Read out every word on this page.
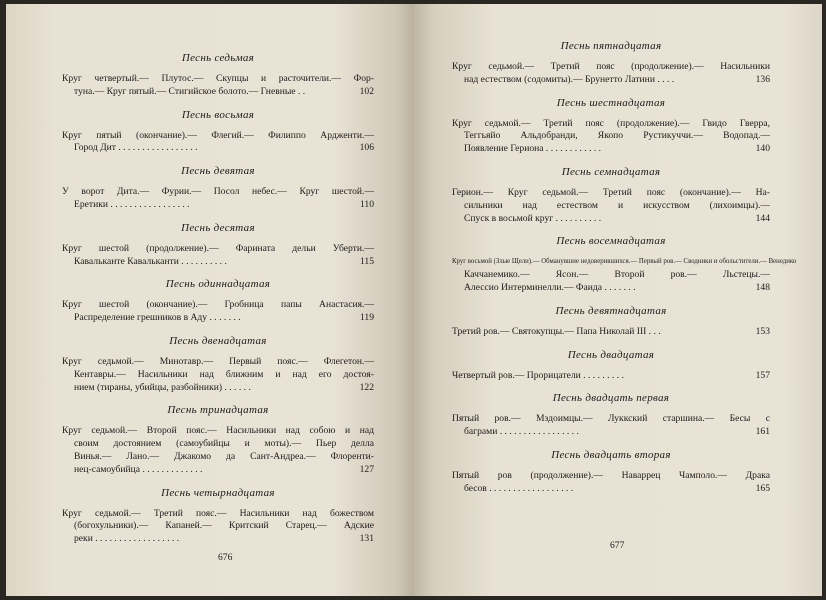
Песнь седьмая
Круг четвертый.— Плутос.— Скупцы и расточители.— Фор-
туна.— Круг пятый.— Стигийское болото.— Гневные . .	102
Песнь восьмая
Круг пятый (окончание).— Флегий.— Филиппо Ардженти.—
Город Дит . . . . . . . . . . . . . . . . .	106
Песнь девятая
У ворот Дита.— Фурии.— Посол небес.— Круг шестой.—
Еретики . . . . . . . . . . . . . . . . .	110
Песнь десятая
Круг шестой (продолжение).— Фарината дельи Уберти.—
Кавальканте Кавальканти . . . . . . . . . .	115
Песнь одиннадцатая
Круг шестой (окончание).— Гробница папы Анастасия.—
Распределение грешников в Аду . . . . . . .	119
Песнь двенадцатая
Круг седьмой.— Минотавр.— Первый пояс.— Флегетон.—
Кентавры.— Насильники над ближним и над его достоя-
нием (тираны, убийцы, разбойники) . . . . . .	122
Песнь тринадцатая
Круг седьмой.— Второй пояс.— Насильники над собою и над
своим достоянием (самоубийцы и моты).— Пьер делла
Винья.— Лано.— Джакомо да Сант-Андреа.— Флоренти-
нец-самоубийца . . . . . . . . . . . . .	127
Песнь четырнадцатая
Круг седьмой.— Третий пояс.— Насильники над божеством
(богохульники).— Капаней.— Критский Старец.— Адские
реки . . . . . . . . . . . . . . . . . .	131
676
Песнь пятнадцатая
Круг седьмой.— Третий пояс (продолжение).— Насильники
над естеством (содомиты).— Брунетто Латини . . . .	136
Песнь шестнадцатая
Круг седьмой.— Третий пояс (продолжение).— Гвидо Гверра,
Теггьяйо Альдобранди, Якопо Рустикуччи.— Водопад.—
Появление Гериона . . . . . . . . . . . .	140
Песнь семнадцатая
Герион.— Круг седьмой.— Третий пояс (окончание).— На-
сильники над естеством и искусством (лихоимцы).—
Спуск в восьмой круг . . . . . . . . . .	144
Песнь восемнадцатая
Круг восьмой (Злые Щели).— Обманувшие недоверившихся.— Первый ров.— Сводники и обольстители.— Венедико
Каччанемико.— Ясон.— Второй ров.— Льстецы.—
Алессио Интерминелли.— Фаида . . . . . . .	148
Песнь девятнадцатая
Третий ров.— Святокупцы.— Папа Николай III . . .	153
Песнь двадцатая
Четвертый ров.— Прорицатели . . . . . . . . .	157
Песнь двадцать первая
Пятый ров.— Мздоимцы.— Луккский старшина.— Бесы с
баграми . . . . . . . . . . . . . . . . .	161
Песнь двадцать вторая
Пятый ров (продолжение).— Наваррец Чамполо.— Драка
бесов . . . . . . . . . . . . . . . . . .	165
677
